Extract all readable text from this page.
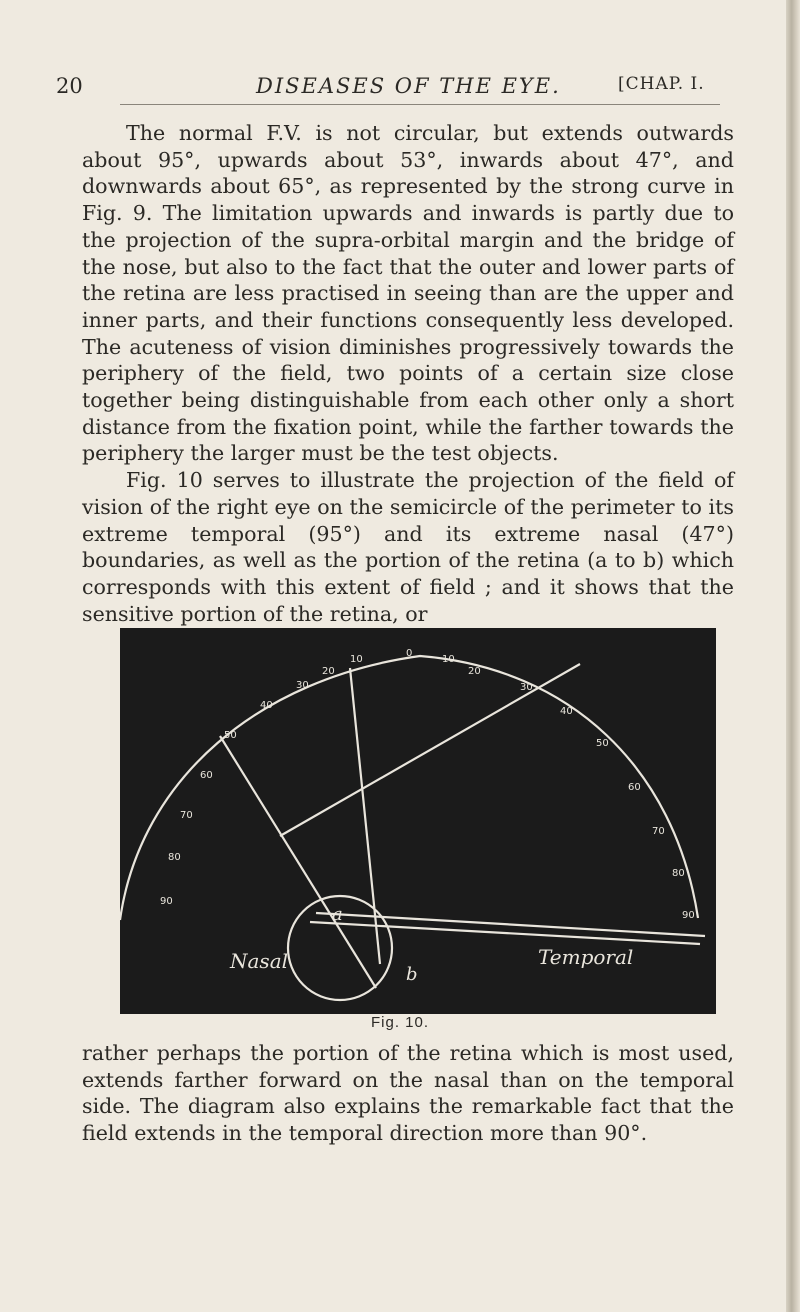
20	DISEASES OF THE EYE.	[CHAP. I.

The normal F.V. is not circular, but extends outwards about 95°, upwards about 53°, inwards about 47°, and downwards about 65°, as represented by the strong curve in Fig. 9. The limitation upwards and inwards is partly due to the projection of the supra-orbital margin and the bridge of the nose, but also to the fact that the outer and lower parts of the retina are less practised in seeing than are the upper and inner parts, and their functions consequently less developed. The acuteness of vision diminishes progressively towards the periphery of the field, two points of a certain size close together being distinguishable from each other only a short distance from the fixation point, while the farther towards the periphery the larger must be the test objects.

Fig. 10 serves to illustrate the projection of the field of vision of the right eye on the semicircle of the perimeter to its extreme temporal (95°) and its extreme nasal (47°) boundaries, as well as the portion of the retina (a to b) which corresponds with this extent of field ; and it shows that the sensitive portion of the retina, or

Nasal	Temporal
a
b
10
0
10
20
30
40
50
60
70
80
90
20
30
40
50
60
70
80
90
Fig. 10.

rather perhaps the portion of the retina which is most used, extends farther forward on the nasal than on the temporal side. The diagram also explains the remarkable fact that the field extends in the temporal direction more than 90°.
